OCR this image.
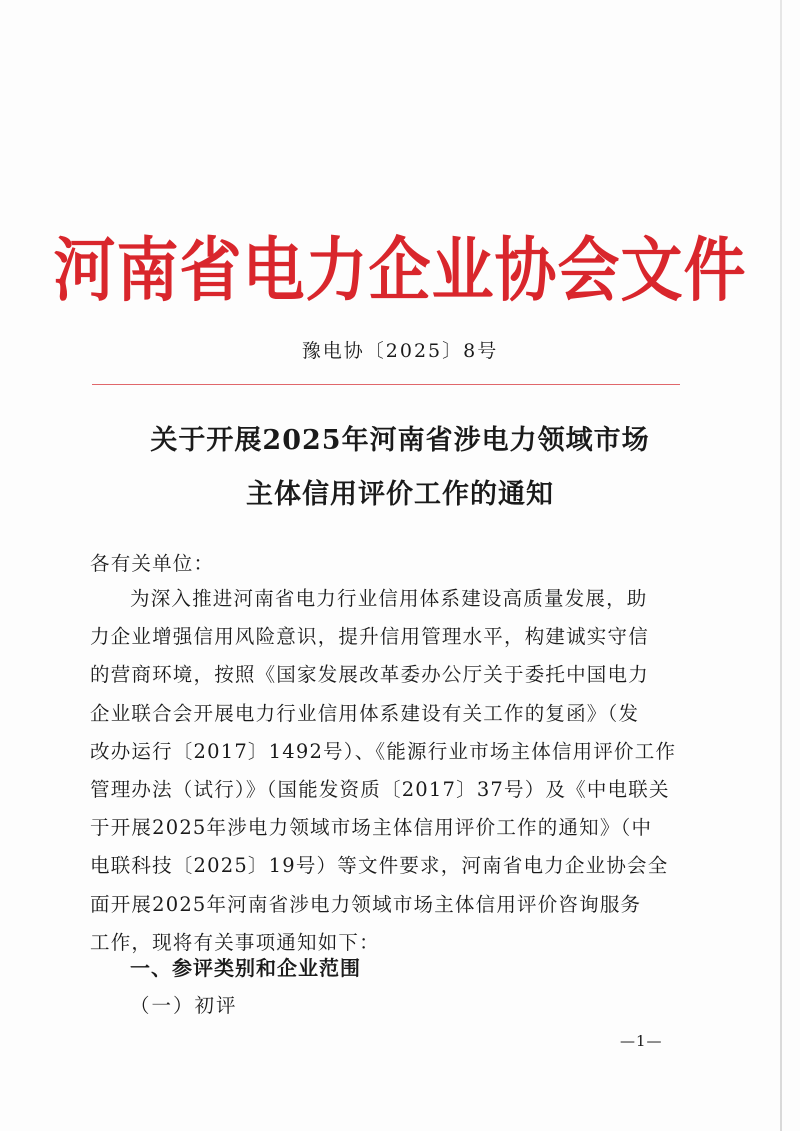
河南省电力企业协会文件
豫电协〔2025〕8号
关于开展2025年河南省涉电力领域市场
主体信用评价工作的通知
各有关单位：
为深入推进河南省电力行业信用体系建设高质量发展，助
力企业增强信用风险意识，提升信用管理水平，构建诚实守信
的营商环境，按照《国家发展改革委办公厅关于委托中国电力
企业联合会开展电力行业信用体系建设有关工作的复函》（发
改办运行〔2017〕1492号）、《能源行业市场主体信用评价工作
管理办法（试行）》（国能发资质〔2017〕37号）及《中电联关
于开展2025年涉电力领域市场主体信用评价工作的通知》（中
电联科技〔2025〕19号）等文件要求，河南省电力企业协会全
面开展2025年河南省涉电力领域市场主体信用评价咨询服务
工作，现将有关事项通知如下：
一、参评类别和企业范围
（一）初评
—1—
